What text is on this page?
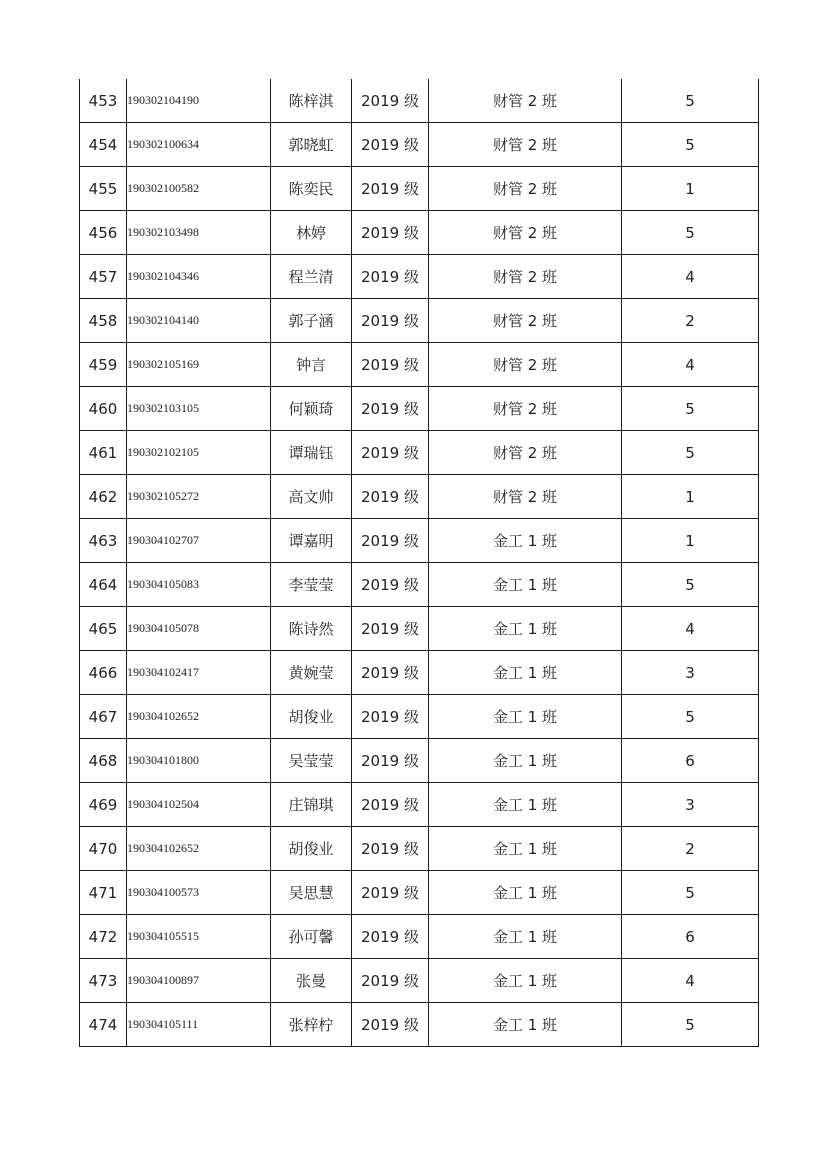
453	190302104190	陈梓淇	2019 级	财管 2 班	5
454	190302100634	郭晓虹	2019 级	财管 2 班	5
455	190302100582	陈奕民	2019 级	财管 2 班	1
456	190302103498	林婷	2019 级	财管 2 班	5
457	190302104346	程兰清	2019 级	财管 2 班	4
458	190302104140	郭子涵	2019 级	财管 2 班	2
459	190302105169	钟言	2019 级	财管 2 班	4
460	190302103105	何颖琦	2019 级	财管 2 班	5
461	190302102105	谭瑞钰	2019 级	财管 2 班	5
462	190302105272	高文帅	2019 级	财管 2 班	1
463	190304102707	谭嘉明	2019 级	金工 1 班	1
464	190304105083	李莹莹	2019 级	金工 1 班	5
465	190304105078	陈诗然	2019 级	金工 1 班	4
466	190304102417	黄婉莹	2019 级	金工 1 班	3
467	190304102652	胡俊业	2019 级	金工 1 班	5
468	190304101800	吴莹莹	2019 级	金工 1 班	6
469	190304102504	庄锦琪	2019 级	金工 1 班	3
470	190304102652	胡俊业	2019 级	金工 1 班	2
471	190304100573	吴思慧	2019 级	金工 1 班	5
472	190304105515	孙可馨	2019 级	金工 1 班	6
473	190304100897	张曼	2019 级	金工 1 班	4
474	190304105111	张梓柠	2019 级	金工 1 班	5
